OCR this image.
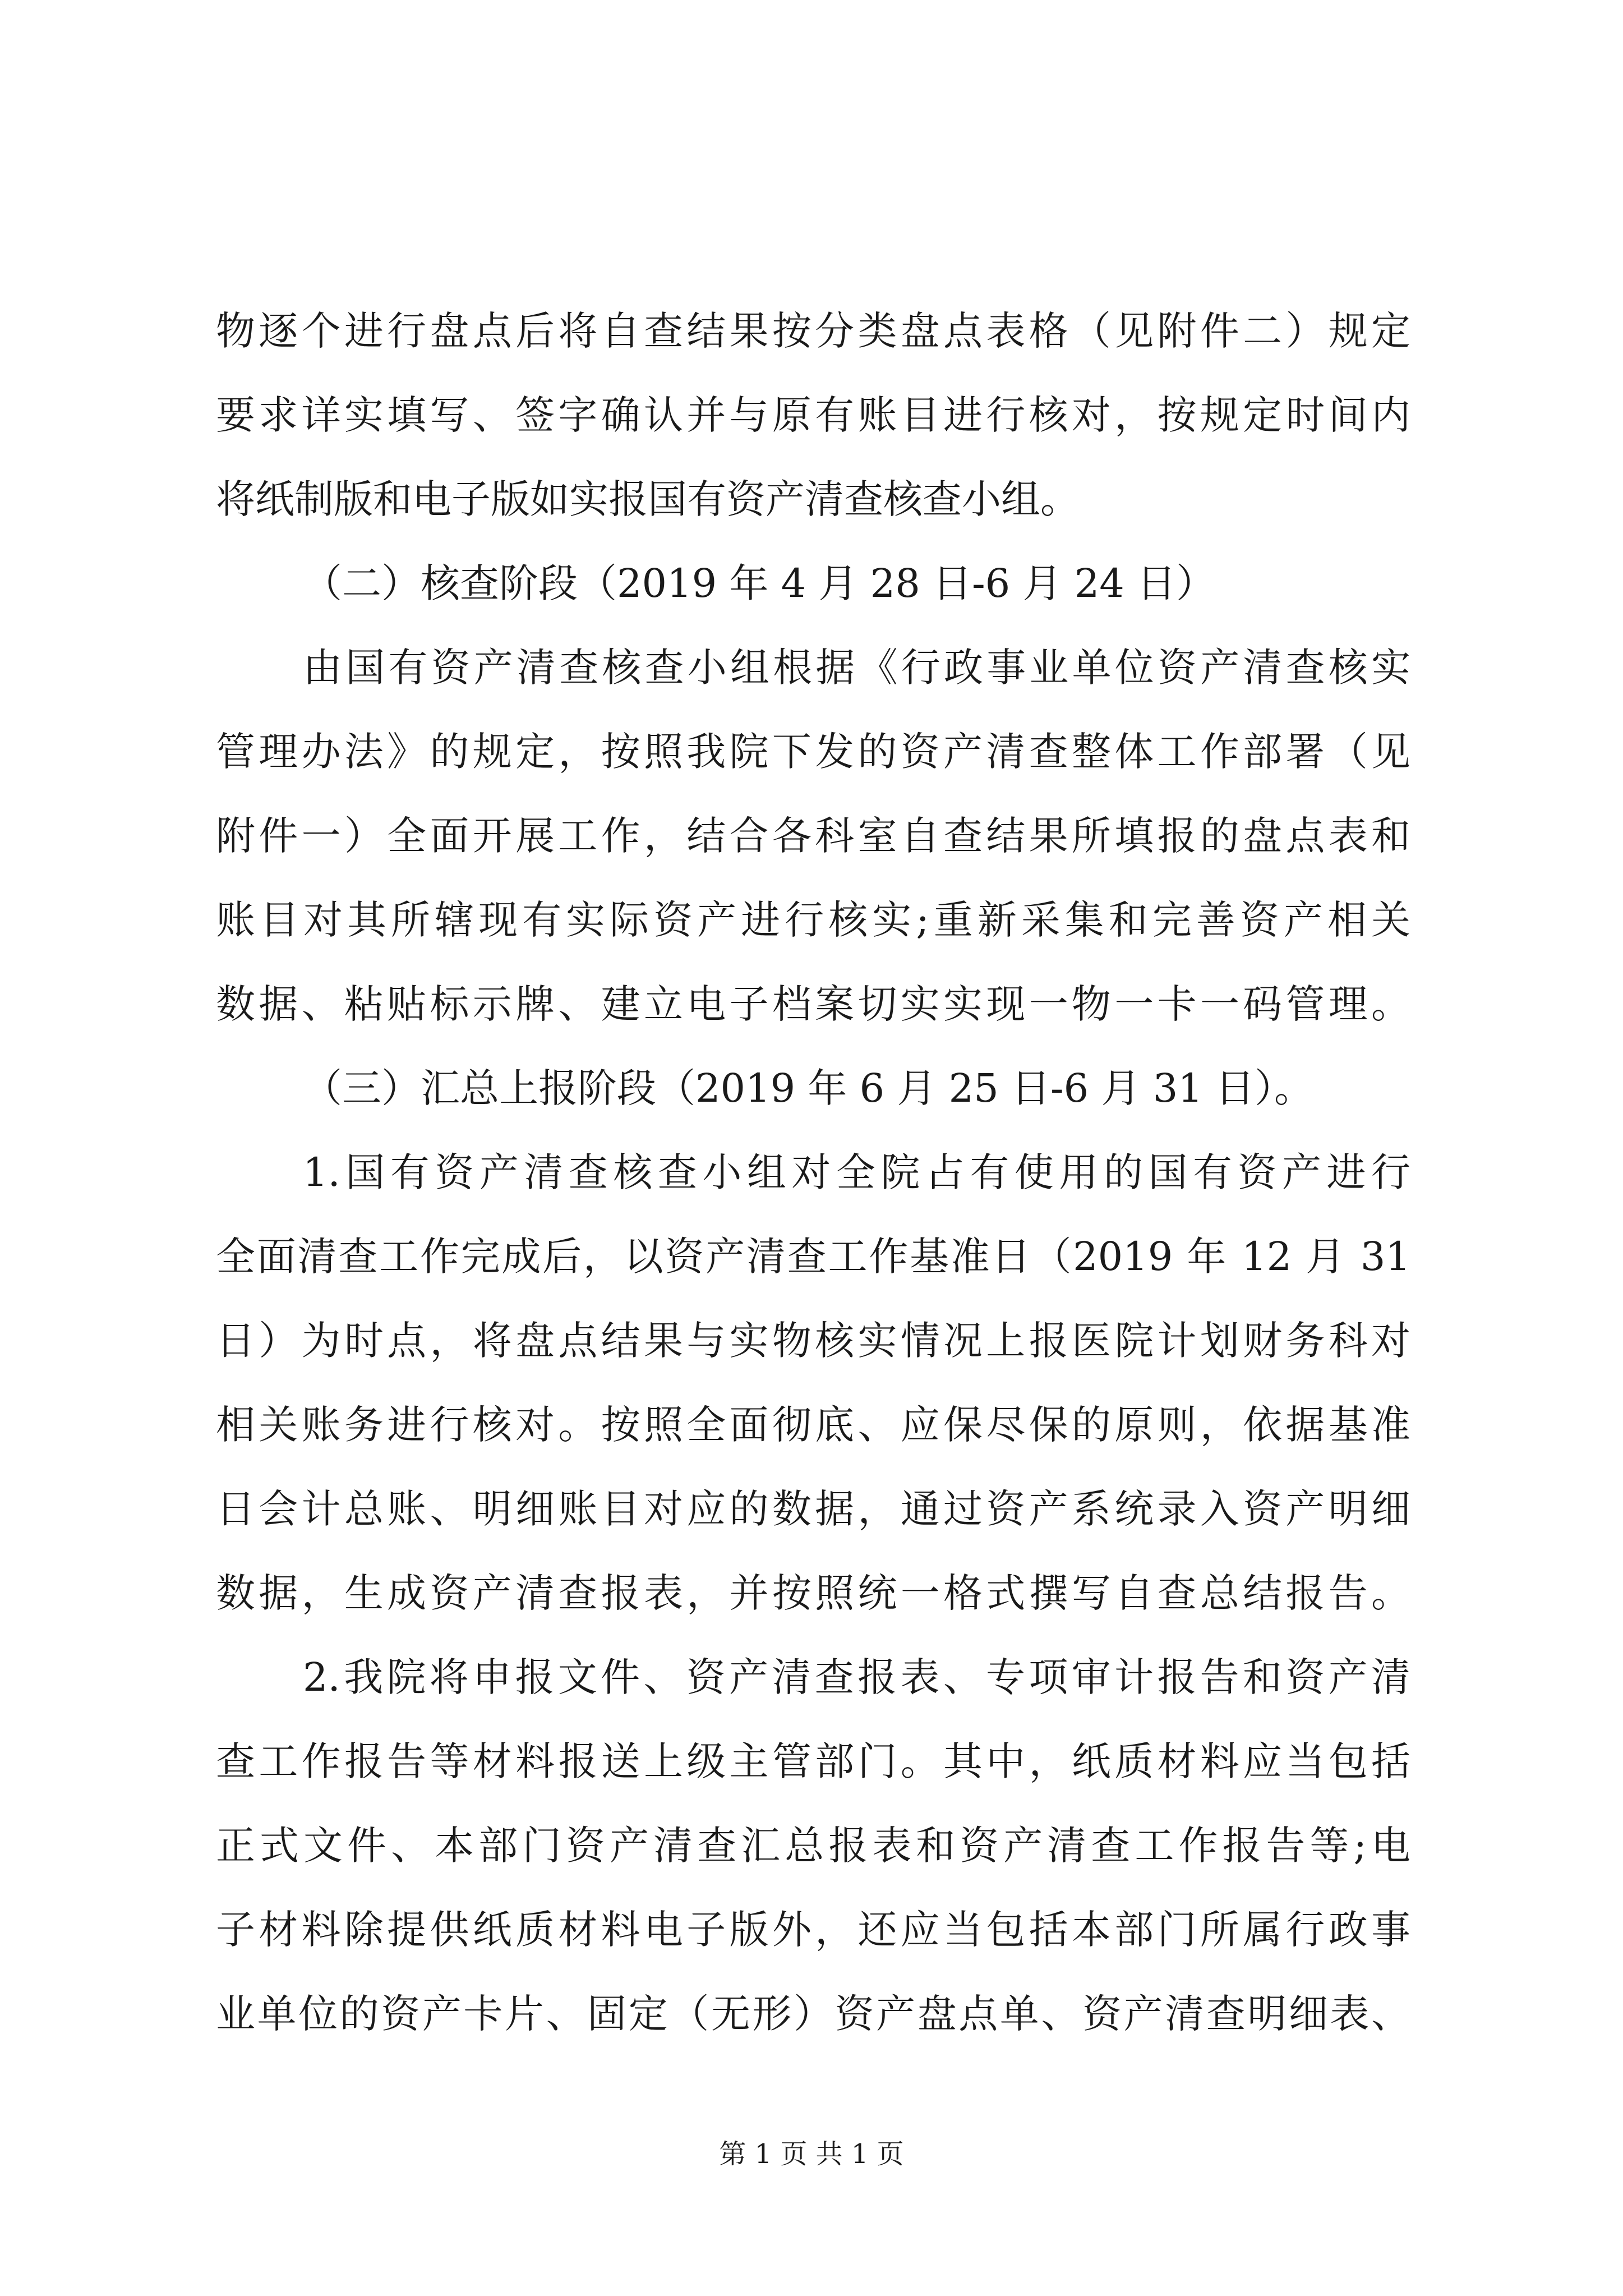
物逐个进行盘点后将自查结果按分类盘点表格（见附件二）规定
要求详实填写、签字确认并与原有账目进行核对，按规定时间内
将纸制版和电子版如实报国有资产清查核查小组。
（二）核查阶段（2019 年 4 月 28 日-6 月 24 日）
由国有资产清查核查小组根据《行政事业单位资产清查核实
管理办法》的规定，按照我院下发的资产清查整体工作部署（见
附件一）全面开展工作，结合各科室自查结果所填报的盘点表和
账目对其所辖现有实际资产进行核实;重新采集和完善资产相关
数据、粘贴标示牌、建立电子档案切实实现一物一卡一码管理。
（三）汇总上报阶段（2019 年 6 月 25 日-6 月 31 日）。
1.国有资产清查核查小组对全院占有使用的国有资产进行
全面清查工作完成后，以资产清查工作基准日（2019 年 12 月 31
日）为时点，将盘点结果与实物核实情况上报医院计划财务科对
相关账务进行核对。按照全面彻底、应保尽保的原则，依据基准
日会计总账、明细账目对应的数据，通过资产系统录入资产明细
数据，生成资产清查报表，并按照统一格式撰写自查总结报告。
2.我院将申报文件、资产清查报表、专项审计报告和资产清
查工作报告等材料报送上级主管部门。其中，纸质材料应当包括
正式文件、本部门资产清查汇总报表和资产清查工作报告等;电
子材料除提供纸质材料电子版外，还应当包括本部门所属行政事
业单位的资产卡片、固定（无形）资产盘点单、资产清查明细表、
第 1 页 共 1 页
